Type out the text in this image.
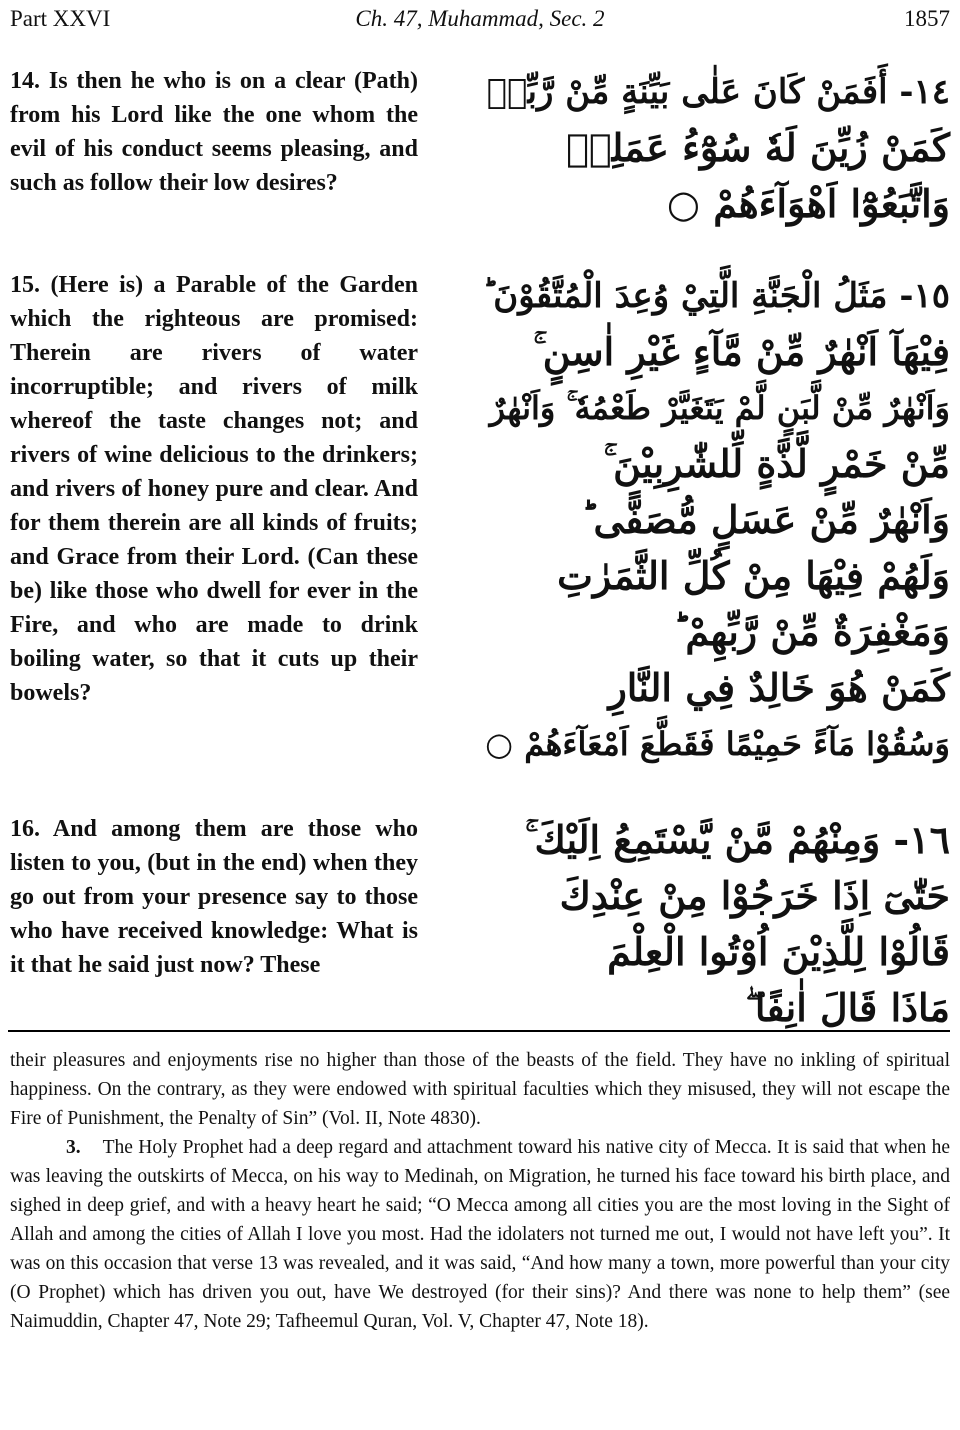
Part XXVI	Ch. 47, Muhammad, Sec. 2	1857

14. Is then he who is on a clear (Path) from his Lord like the one whom the evil of his conduct seems pleasing, and such as follow their low desires?

١٤- أَفَمَنْ كَانَ عَلٰى بَيِّنَةٍ مِّنْ رَّبِّهٖ
كَمَنْ زُيِّنَ لَهٗ سُوْٓءُ عَمَلِهٖ
وَاتَّبَعُوْٓا اَهْوَآءَهُمْ ○

15. (Here is) a Parable of the Garden which the righteous are promised: Therein are rivers of water incorruptible; and rivers of milk whereof the taste changes not; and rivers of wine delicious to the drinkers; and rivers of honey pure and clear. And for them therein are all kinds of fruits; and Grace from their Lord. (Can these be) like those who dwell for ever in the Fire, and who are made to drink boiling water, so that it cuts up their bowels?

١٥- مَثَلُ الْجَنَّةِ الَّتِيْ وُعِدَ الْمُتَّقُوْنَ ؕ
فِيْهَآ اَنْهٰرٌ مِّنْ مَّآءٍ غَيْرِ اٰسِنٍ ۚ
وَاَنْهٰرٌ مِّنْ لَّبَنٍ لَّمْ يَتَغَيَّرْ طَعْمُهٗ ۚ وَاَنْهٰرٌ
مِّنْ خَمْرٍ لَّذَّةٍ لِّلشّٰرِبِيْنَ ۚ
وَاَنْهٰرٌ مِّنْ عَسَلٍ مُّصَفًّى ؕ
وَلَهُمْ فِيْهَا مِنْ كُلِّ الثَّمَرٰتِ
وَمَغْفِرَةٌ مِّنْ رَّبِّهِمْ ؕ
كَمَنْ هُوَ خَالِدٌ فِي النَّارِ
وَسُقُوْا مَآءً حَمِيْمًا فَقَطَّعَ اَمْعَآءَهُمْ ○

16. And among them are those who listen to you, (but in the end) when they go out from your presence say to those who have received knowledge: What is it that he said just now? These

١٦- وَمِنْهُمْ مَّنْ يَّسْتَمِعُ اِلَيْكَ ۚ
حَتّٰىٓ اِذَا خَرَجُوْا مِنْ عِنْدِكَ
قَالُوْا لِلَّذِيْنَ اُوْتُوا الْعِلْمَ
مَاذَا قَالَ اٰنِفًا ۖ

their pleasures and enjoyments rise no higher than those of the beasts of the field. They have no inkling of spiritual happiness. On the contrary, as they were endowed with spiritual faculties which they misused, they will not escape the Fire of Punishment, the Penalty of Sin” (Vol. II, Note 4830).

3. The Holy Prophet had a deep regard and attachment toward his native city of Mecca. It is said that when he was leaving the outskirts of Mecca, on his way to Medinah, on Migration, he turned his face toward his birth place, and sighed in deep grief, and with a heavy heart he said; “O Mecca among all cities you are the most loving in the Sight of Allah and among the cities of Allah I love you most. Had the idolaters not turned me out, I would not have left you”. It was on this occasion that verse 13 was revealed, and it was said, “And how many a town, more powerful than your city (O Prophet) which has driven you out, have We destroyed (for their sins)? And there was none to help them” (see Naimuddin, Chapter 47, Note 29; Tafheemul Quran, Vol. V, Chapter 47, Note 18).
